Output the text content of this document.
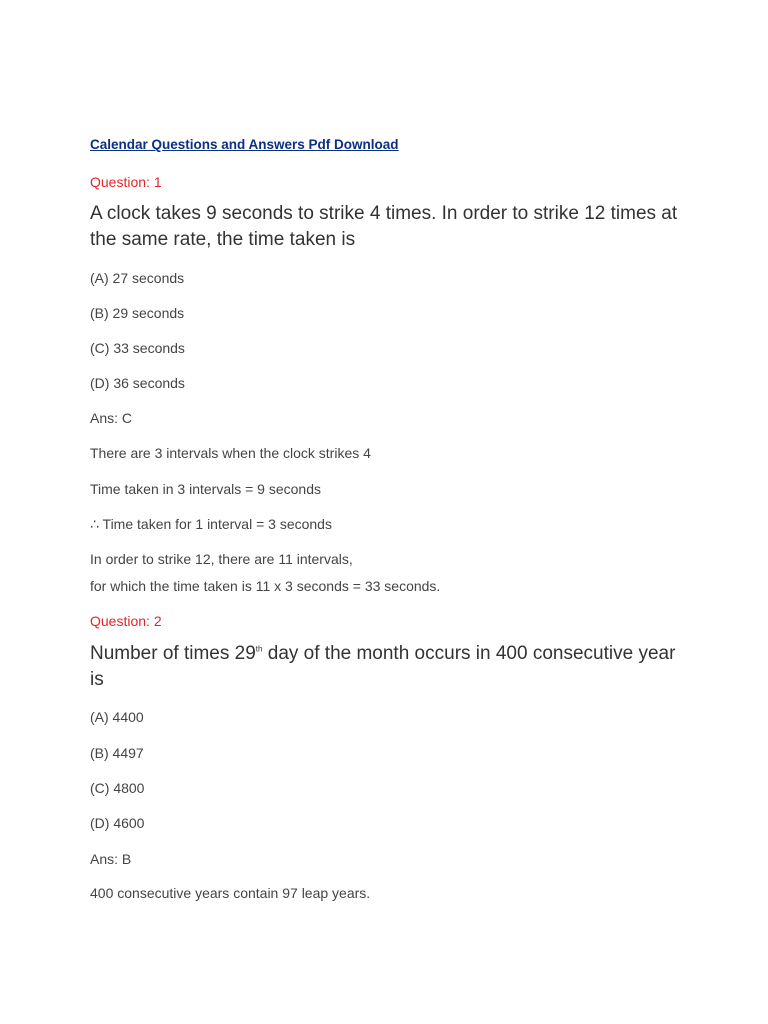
Calendar Questions and Answers Pdf Download

Question: 1

A clock takes 9 seconds to strike 4 times. In order to strike 12 times at the same rate, the time taken is

(A) 27 seconds

(B) 29 seconds

(C) 33 seconds

(D) 36 seconds

Ans: C

There are 3 intervals when the clock strikes 4

Time taken in 3 intervals = 9 seconds

∴ Time taken for 1 interval = 3 seconds

In order to strike 12, there are 11 intervals,

for which the time taken is 11 x 3 seconds = 33 seconds.

Question: 2

Number of times 29th day of the month occurs in 400 consecutive year is

(A) 4400

(B) 4497

(C) 4800

(D) 4600

Ans: B

400 consecutive years contain 97 leap years.
